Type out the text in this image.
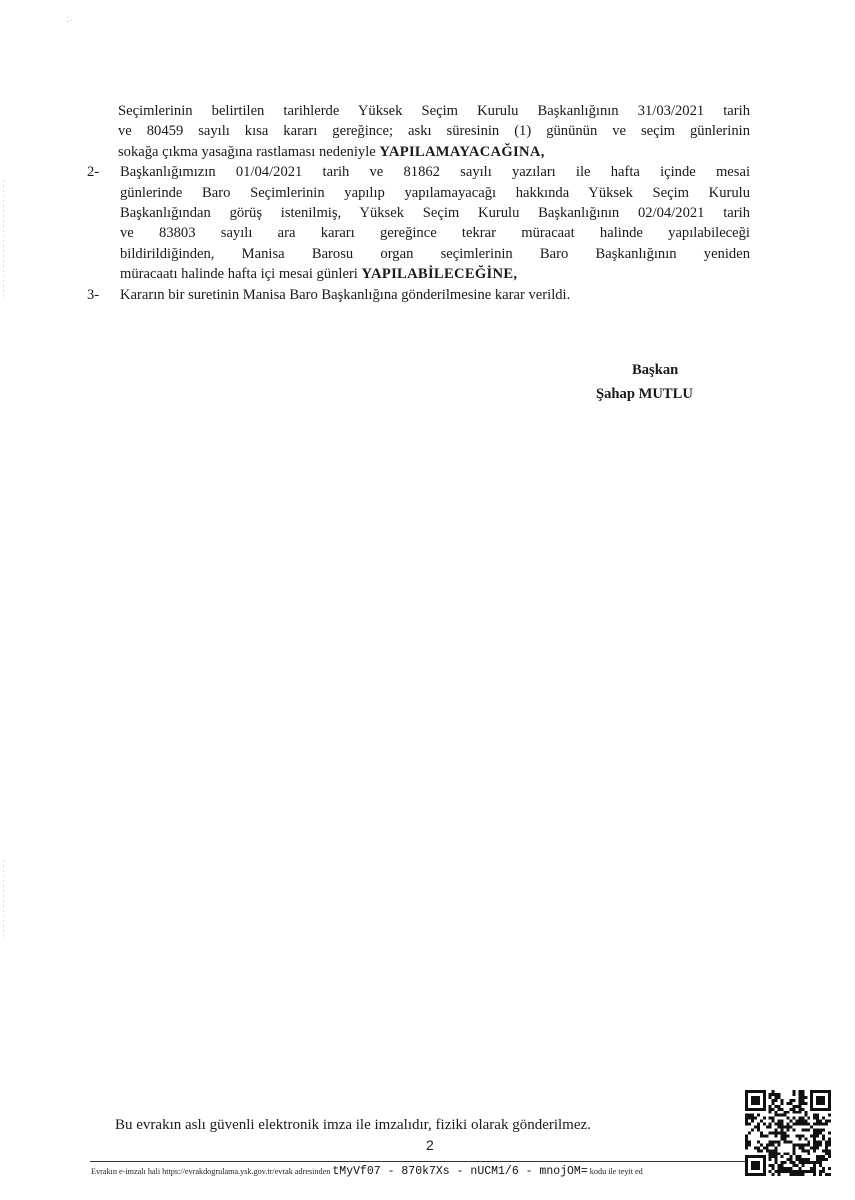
∴
Seçimlerinin belirtilen tarihlerde Yüksek Seçim Kurulu Başkanlığının 31/03/2021 tarih
ve 80459 sayılı kısa kararı gereğince; askı süresinin (1) gününün ve seçim günlerinin
sokağa çıkma yasağına rastlaması nedeniyle YAPILAMAYACAĞINA,
2- Başkanlığımızın 01/04/2021 tarih ve 81862 sayılı yazıları ile hafta içinde mesai
günlerinde Baro Seçimlerinin yapılıp yapılamayacağı hakkında Yüksek Seçim Kurulu
Başkanlığından görüş istenilmiş, Yüksek Seçim Kurulu Başkanlığının 02/04/2021 tarih
ve 83803 sayılı ara kararı gereğince tekrar müracaat halinde yapılabileceği
bildirildiğinden, Manisa Barosu organ seçimlerinin Baro Başkanlığının yeniden
müracaatı halinde hafta içi mesai günleri YAPILABİLECEĞİNE,
3- Kararın bir suretinin Manisa Baro Başkanlığına gönderilmesine karar verildi.
Başkan
Şahap MUTLU
Bu evrakın aslı güvenli elektronik imza ile imzalıdır, fiziki olarak gönderilmez.
2
Evrakın e-imzalı hali https://evrakdogrulama.ysk.gov.tr/evrak adresinden tMyVf07 - 870k7Xs - nUCM1/6 - mnojOM= kodu ile teyit ed
